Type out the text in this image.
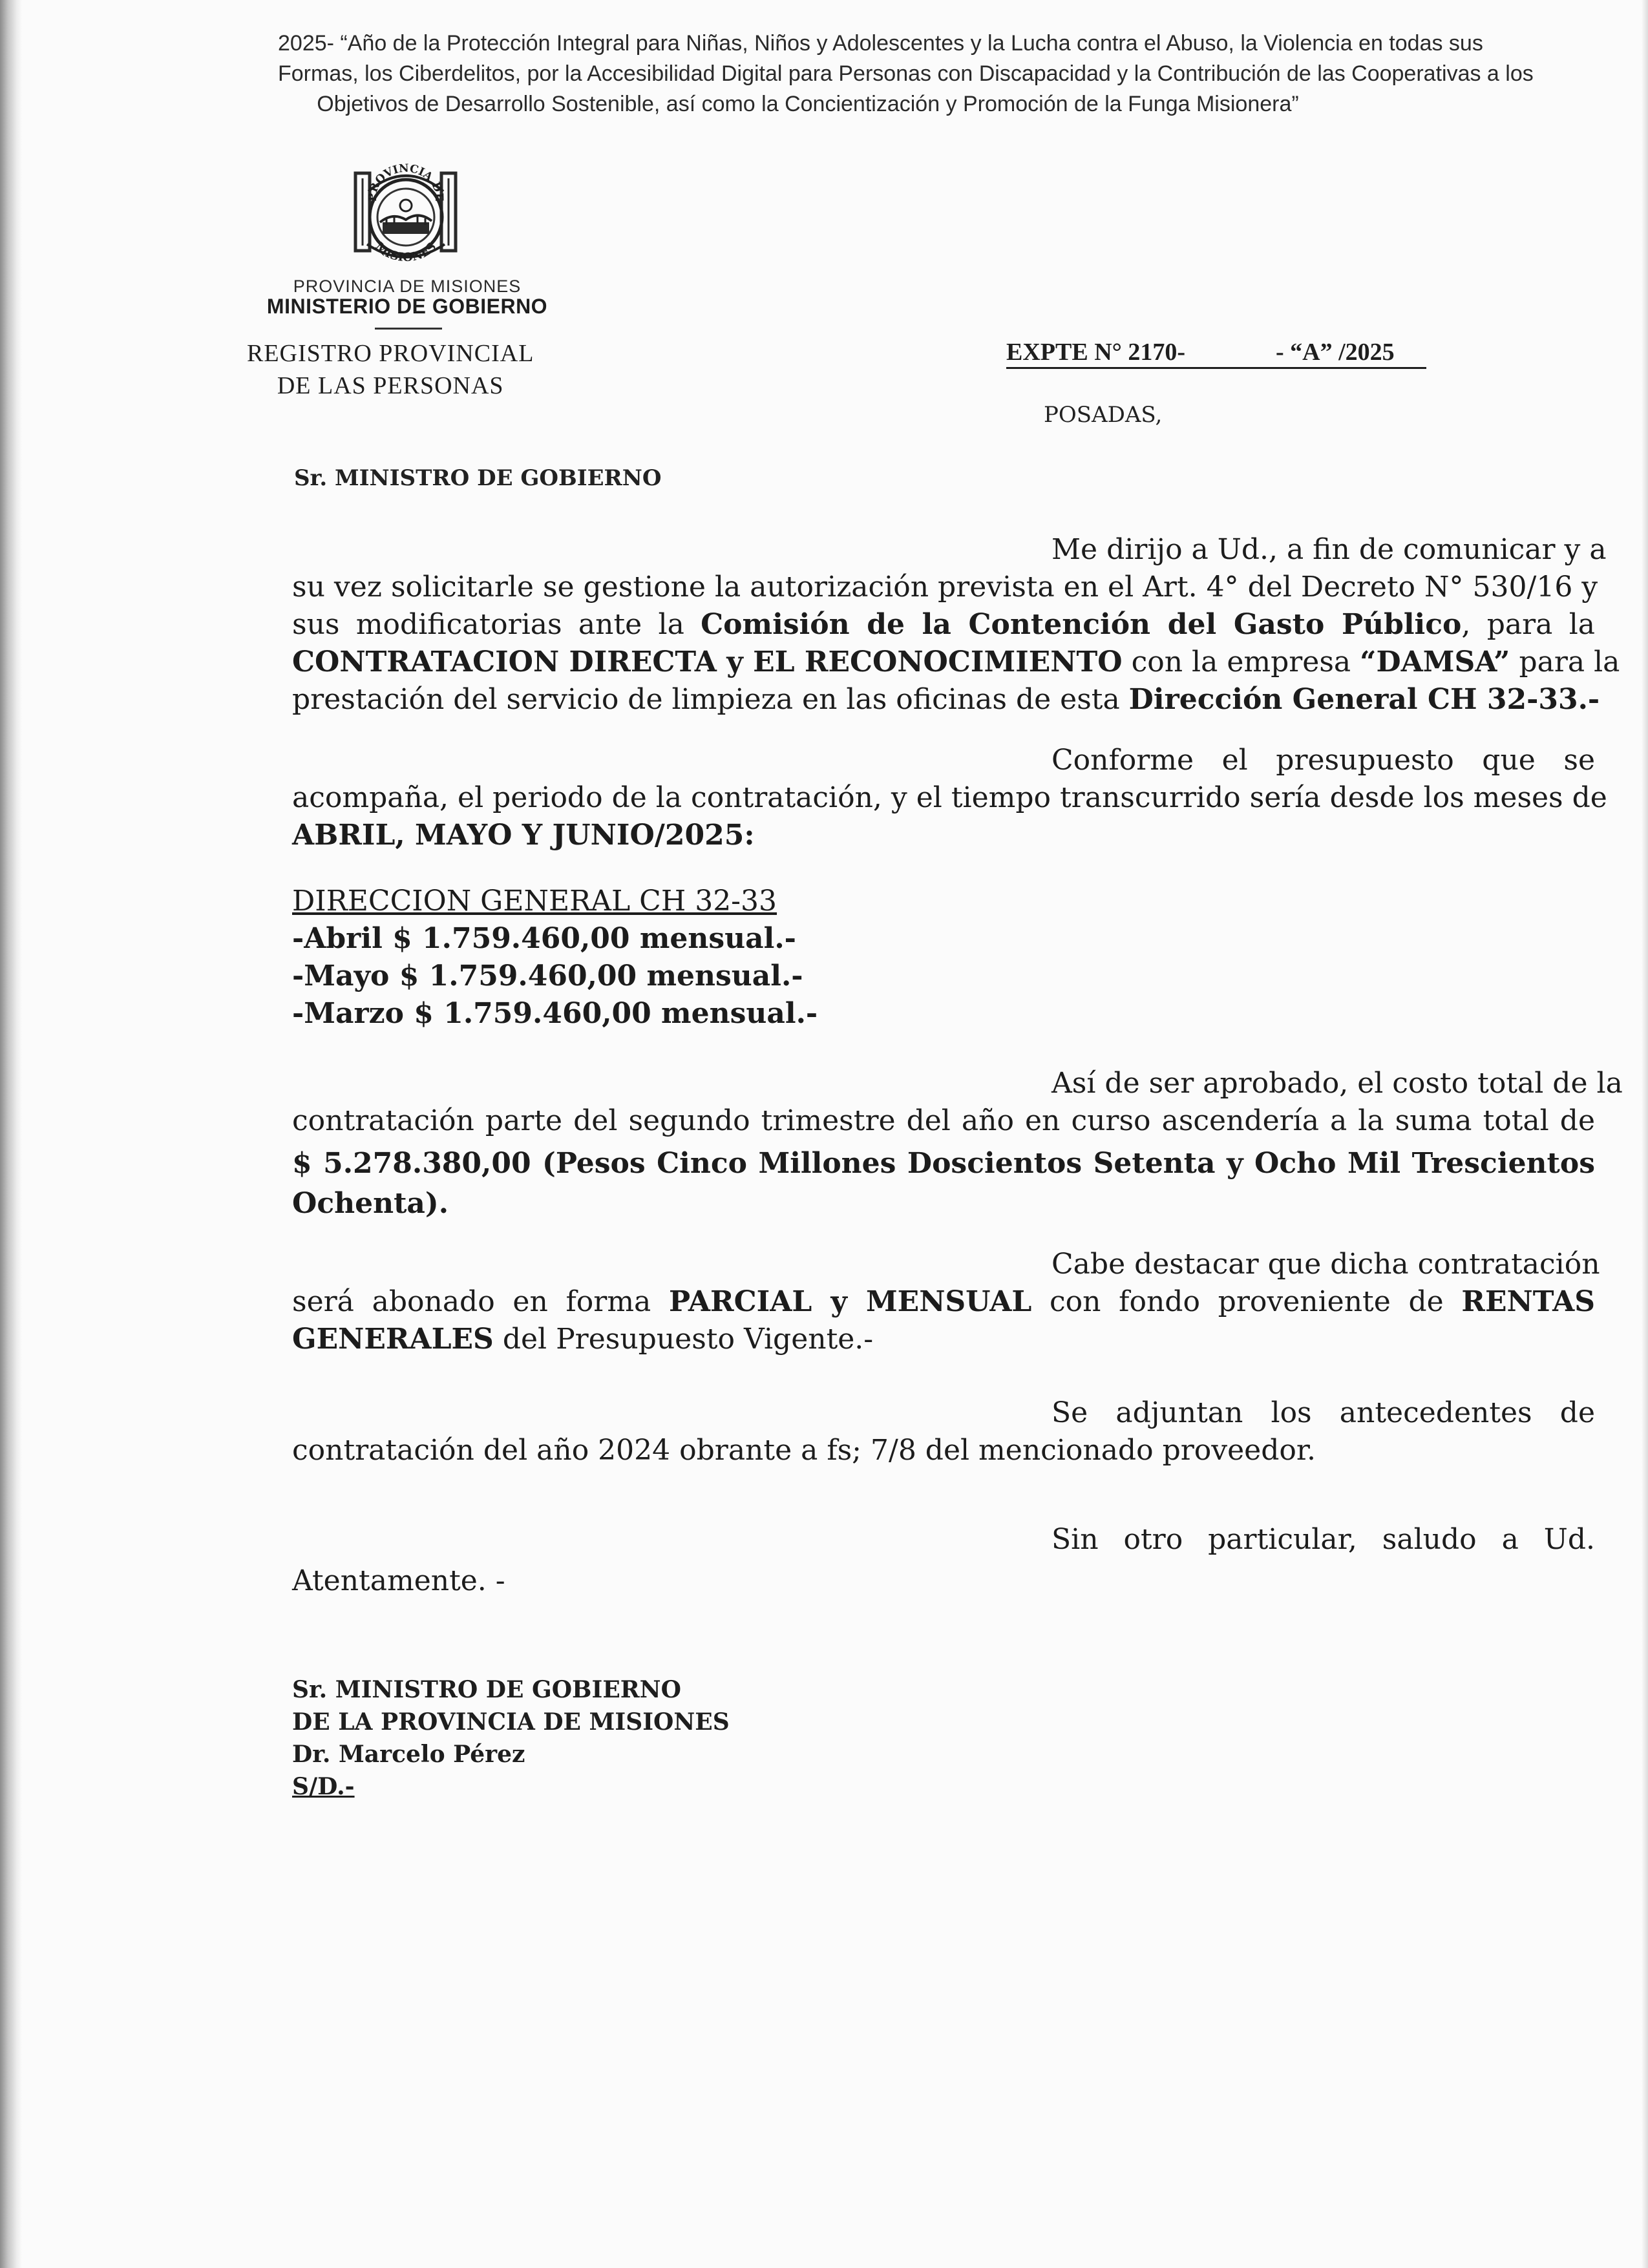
2025- “Año de la Protección Integral para Niñas, Niños y Adolescentes y la Lucha contra el Abuso, la Violencia en todas sus
Formas, los Ciberdelitos, por la Accesibilidad Digital para Personas con Discapacidad y la Contribución de las Cooperativas a los
Objetivos de Desarrollo Sostenible, así como la Concientización y Promoción de la Funga Misionera”
PROVINCIA DE
MISIONES
PROVINCIA DE MISIONES
MINISTERIO DE GOBIERNO
REGISTRO PROVINCIAL
DE LAS PERSONAS
EXPTE N° 2170-	- “A” /2025
POSADAS,
Sr. MINISTRO DE GOBIERNO
Me dirijo a Ud., a fin de comunicar y a
su vez solicitarle se gestione la autorización prevista en el Art. 4° del Decreto N° 530/16 y
sus modificatorias ante la Comisión de la Contención del Gasto Público, para la
CONTRATACION DIRECTA y EL RECONOCIMIENTO con la empresa “DAMSA” para la
prestación del servicio de limpieza en las oficinas de esta Dirección General CH 32-33.-
Conforme el presupuesto que se
acompaña, el periodo de la contratación, y el tiempo transcurrido sería desde los meses de
ABRIL, MAYO Y JUNIO/2025:
DIRECCION GENERAL CH 32-33
-Abril $ 1.759.460,00 mensual.-
-Mayo $ 1.759.460,00 mensual.-
-Marzo $ 1.759.460,00 mensual.-
Así de ser aprobado, el costo total de la
contratación parte del segundo trimestre del año en curso ascendería a la suma total de
$ 5.278.380,00 (Pesos Cinco Millones Doscientos Setenta y Ocho Mil Trescientos
Ochenta).
Cabe destacar que dicha contratación
será abonado en forma PARCIAL y MENSUAL con fondo proveniente de RENTAS
GENERALES del Presupuesto Vigente.-
Se adjuntan los antecedentes de
contratación del año 2024 obrante a fs; 7/8 del mencionado proveedor.
Sin otro particular, saludo a Ud.
Atentamente. -
Sr. MINISTRO DE GOBIERNO
DE LA PROVINCIA DE MISIONES
Dr. Marcelo Pérez
S/D.-
